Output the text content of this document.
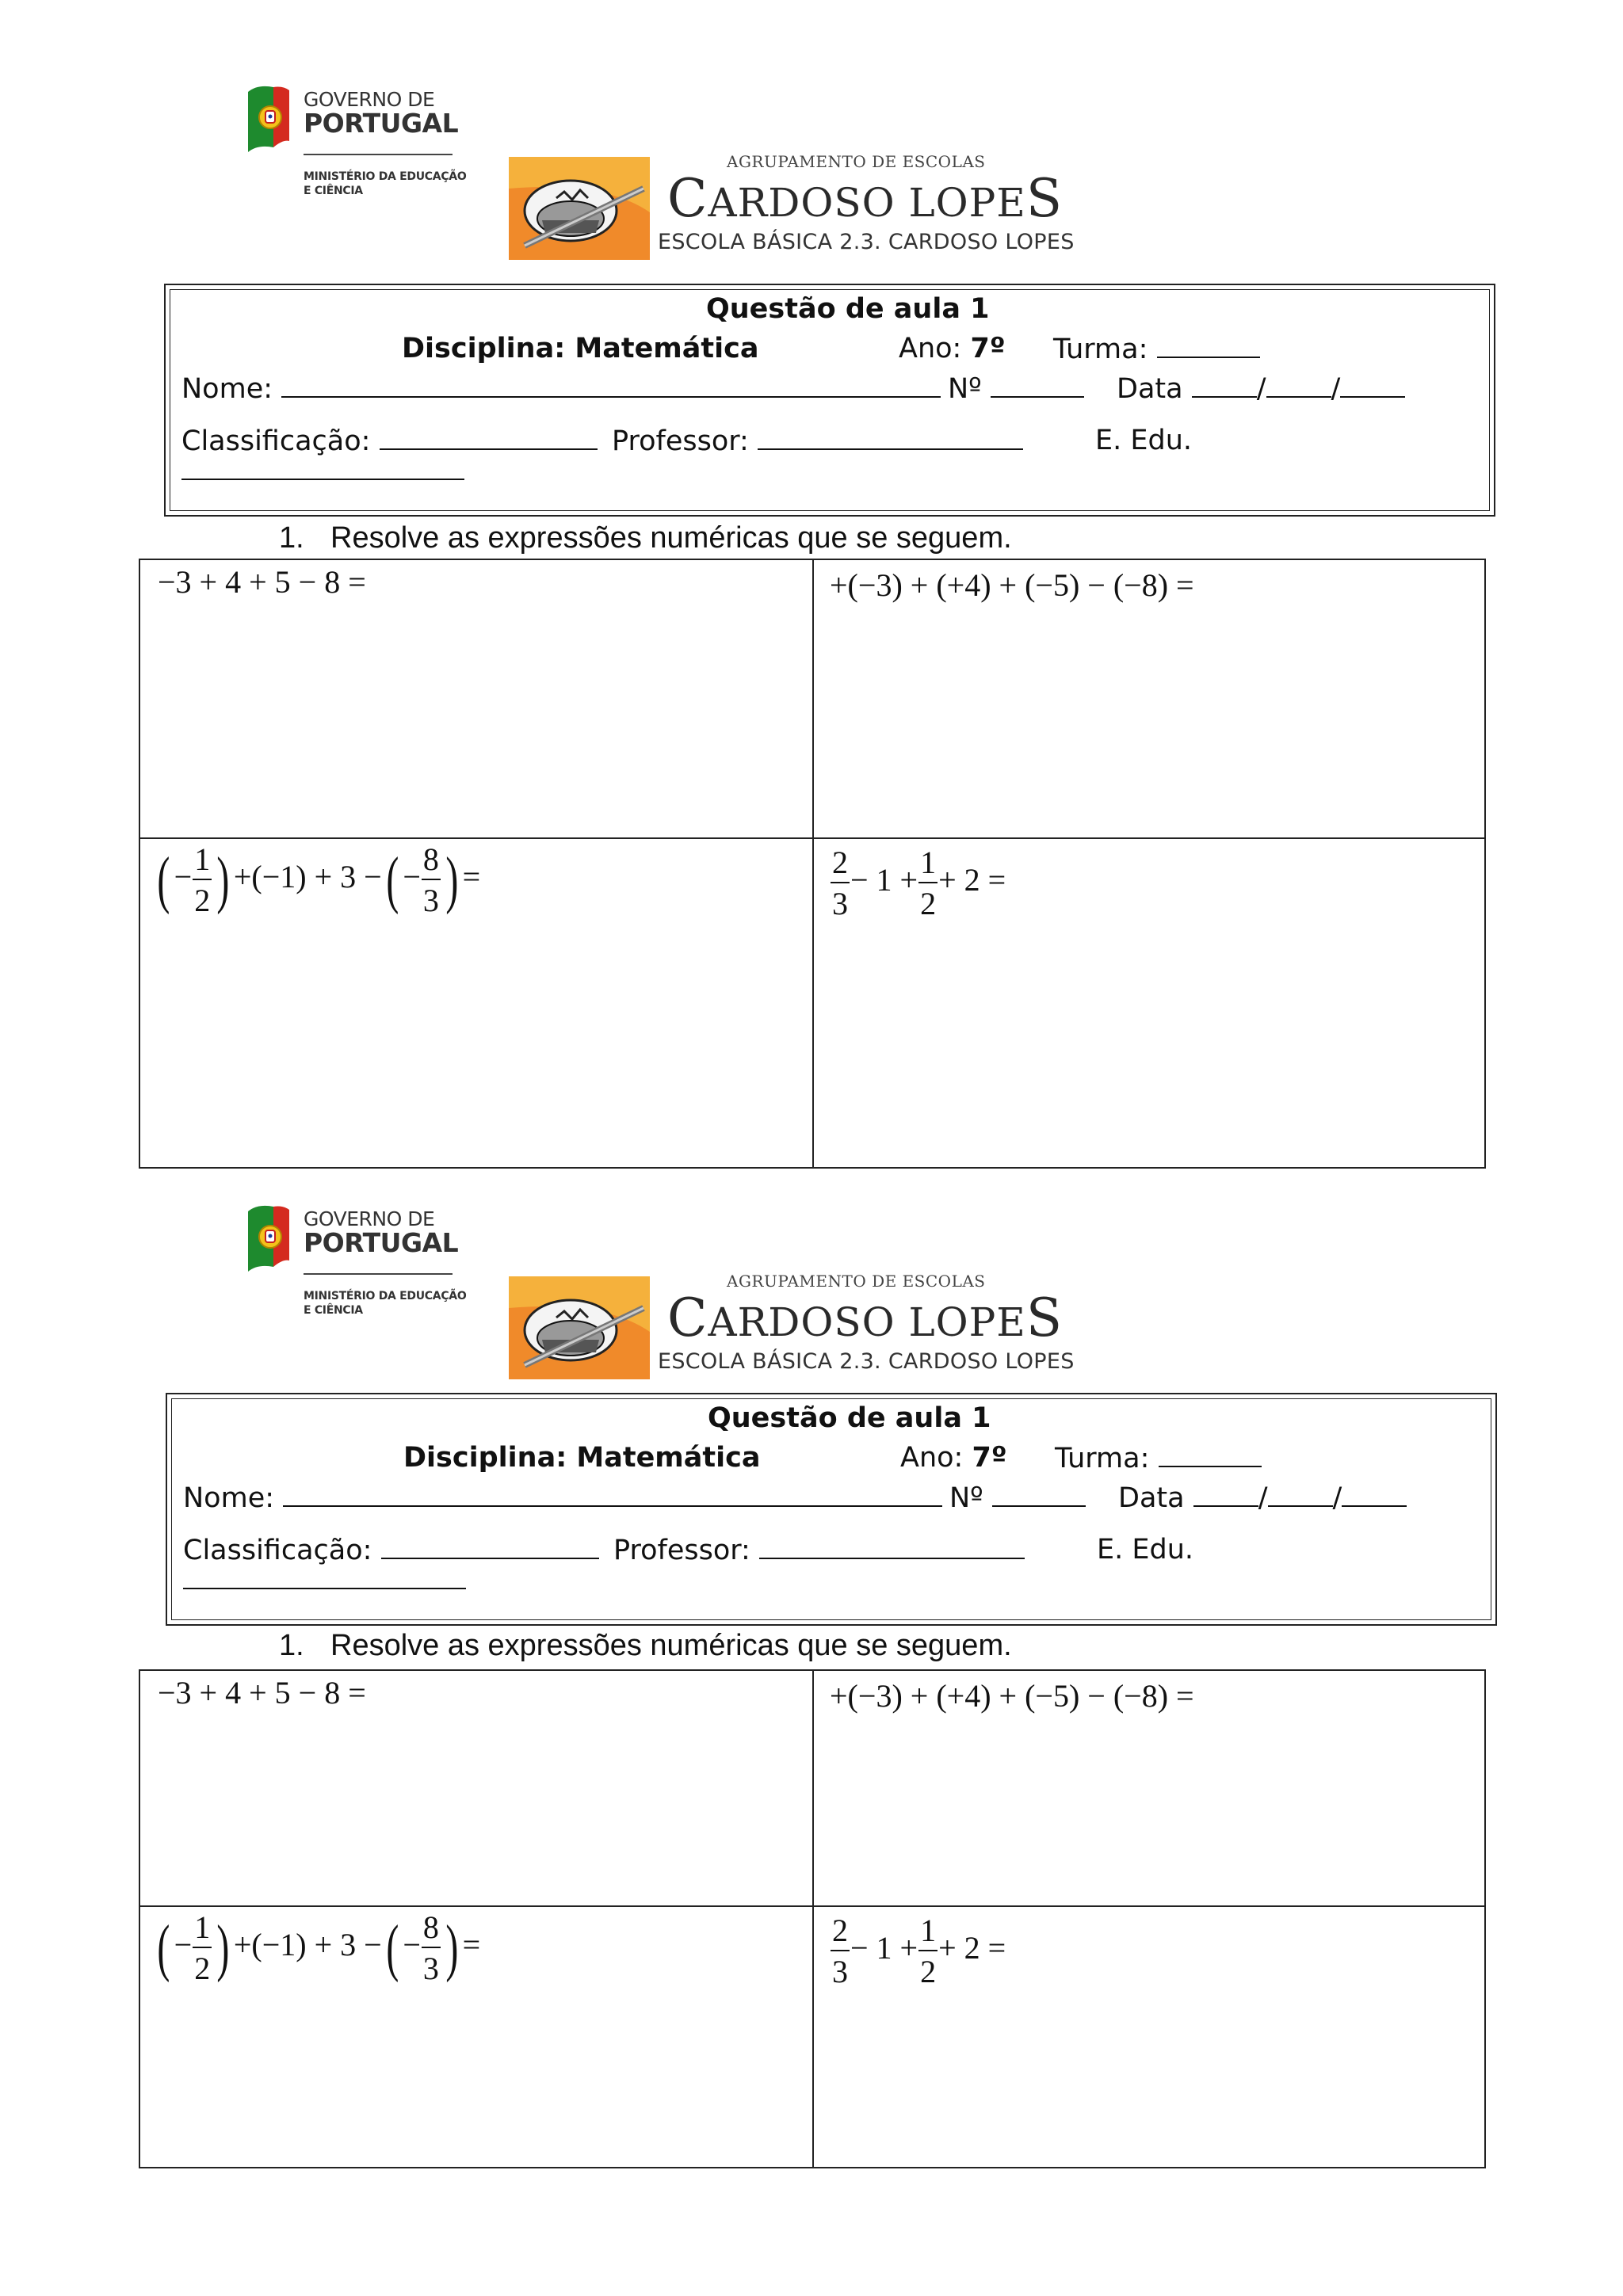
GOVERNO DE
PORTUGAL
MINISTÉRIO DA EDUCAÇÃO
E CIÊNCIA
AGRUPAMENTO DE ESCOLAS
CARDOSO LOPES
ESCOLA BÁSICA 2.3. CARDOSO LOPES
Questão de aula 1
Disciplina: Matemática	Ano: 7º Turma:
Nome:	Nº	Data	/ /
Classificação:	Professor:	E. Edu.
1. Resolve as expressões numéricas que se seguem.
−3 + 4 + 5 − 8 =	+(−3) + (+4) + (−5) − (−8) =
( − $\frac{1}{2}$ ) +(−1) + 3 −( − $\frac{8}{3}$ ) =	$\frac{2}{3} - 1 + \frac{1}{2} + 2$ =
GOVERNO DE
PORTUGAL
MINISTÉRIO DA EDUCAÇÃO
E CIÊNCIA
AGRUPAMENTO DE ESCOLAS
CARDOSO LOPES
ESCOLA BÁSICA 2.3. CARDOSO LOPES
Questão de aula 1
Disciplina: Matemática	Ano: 7º Turma:
Nome:	Nº	Data	/ /
Classificação:	Professor:	E. Edu.
1. Resolve as expressões numéricas que se seguem.
−3 + 4 + 5 − 8 =	+(−3) + (+4) + (−5) − (−8) =
( − $\frac{1}{2}$ ) +(−1) + 3 −( − $\frac{8}{3}$ ) =	$\frac{2}{3} - 1 + \frac{1}{2} + 2$ =
